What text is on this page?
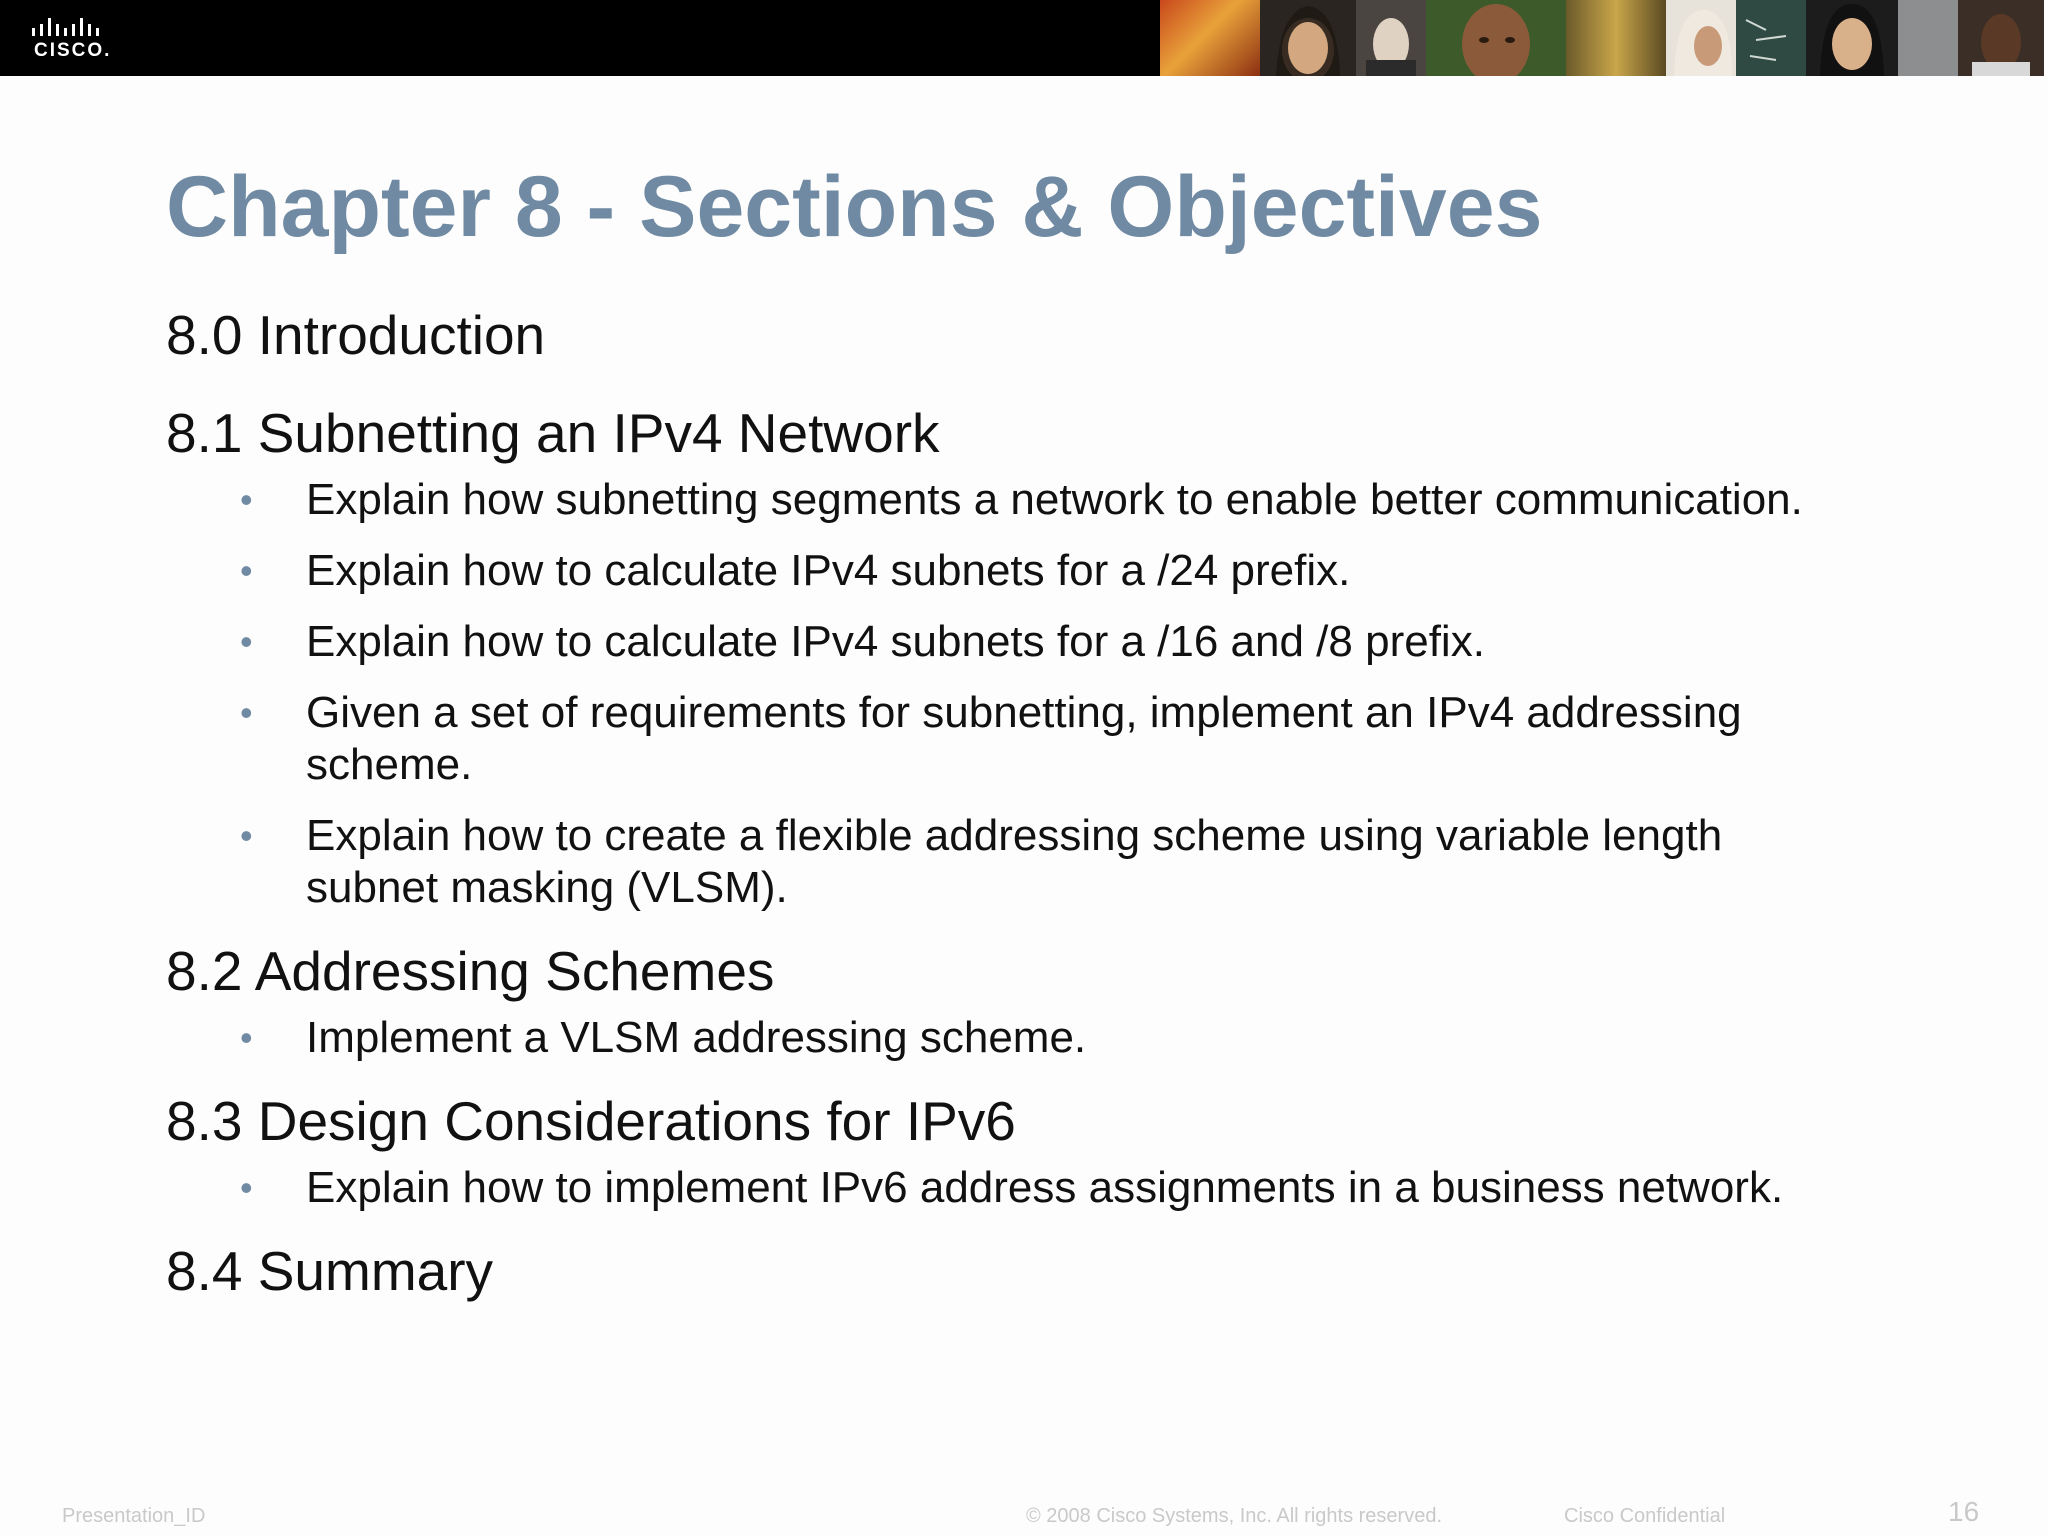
CISCO.
Chapter 8 - Sections & Objectives

8.0 Introduction

8.1 Subnetting an IPv4 Network

• Explain how subnetting segments a network to enable better communication.
• Explain how to calculate IPv4 subnets for a /24 prefix.
• Explain how to calculate IPv4 subnets for a /16 and /8 prefix.
• Given a set of requirements for subnetting, implement an IPv4 addressing scheme.
• Explain how to create a flexible addressing scheme using variable length subnet masking (VLSM).

8.2 Addressing Schemes

• Implement a VLSM addressing scheme.

8.3 Design Considerations for IPv6

• Explain how to implement IPv6 address assignments in a business network.

8.4 Summary

Presentation_ID	© 2008 Cisco Systems, Inc. All rights reserved.	Cisco Confidential	16
